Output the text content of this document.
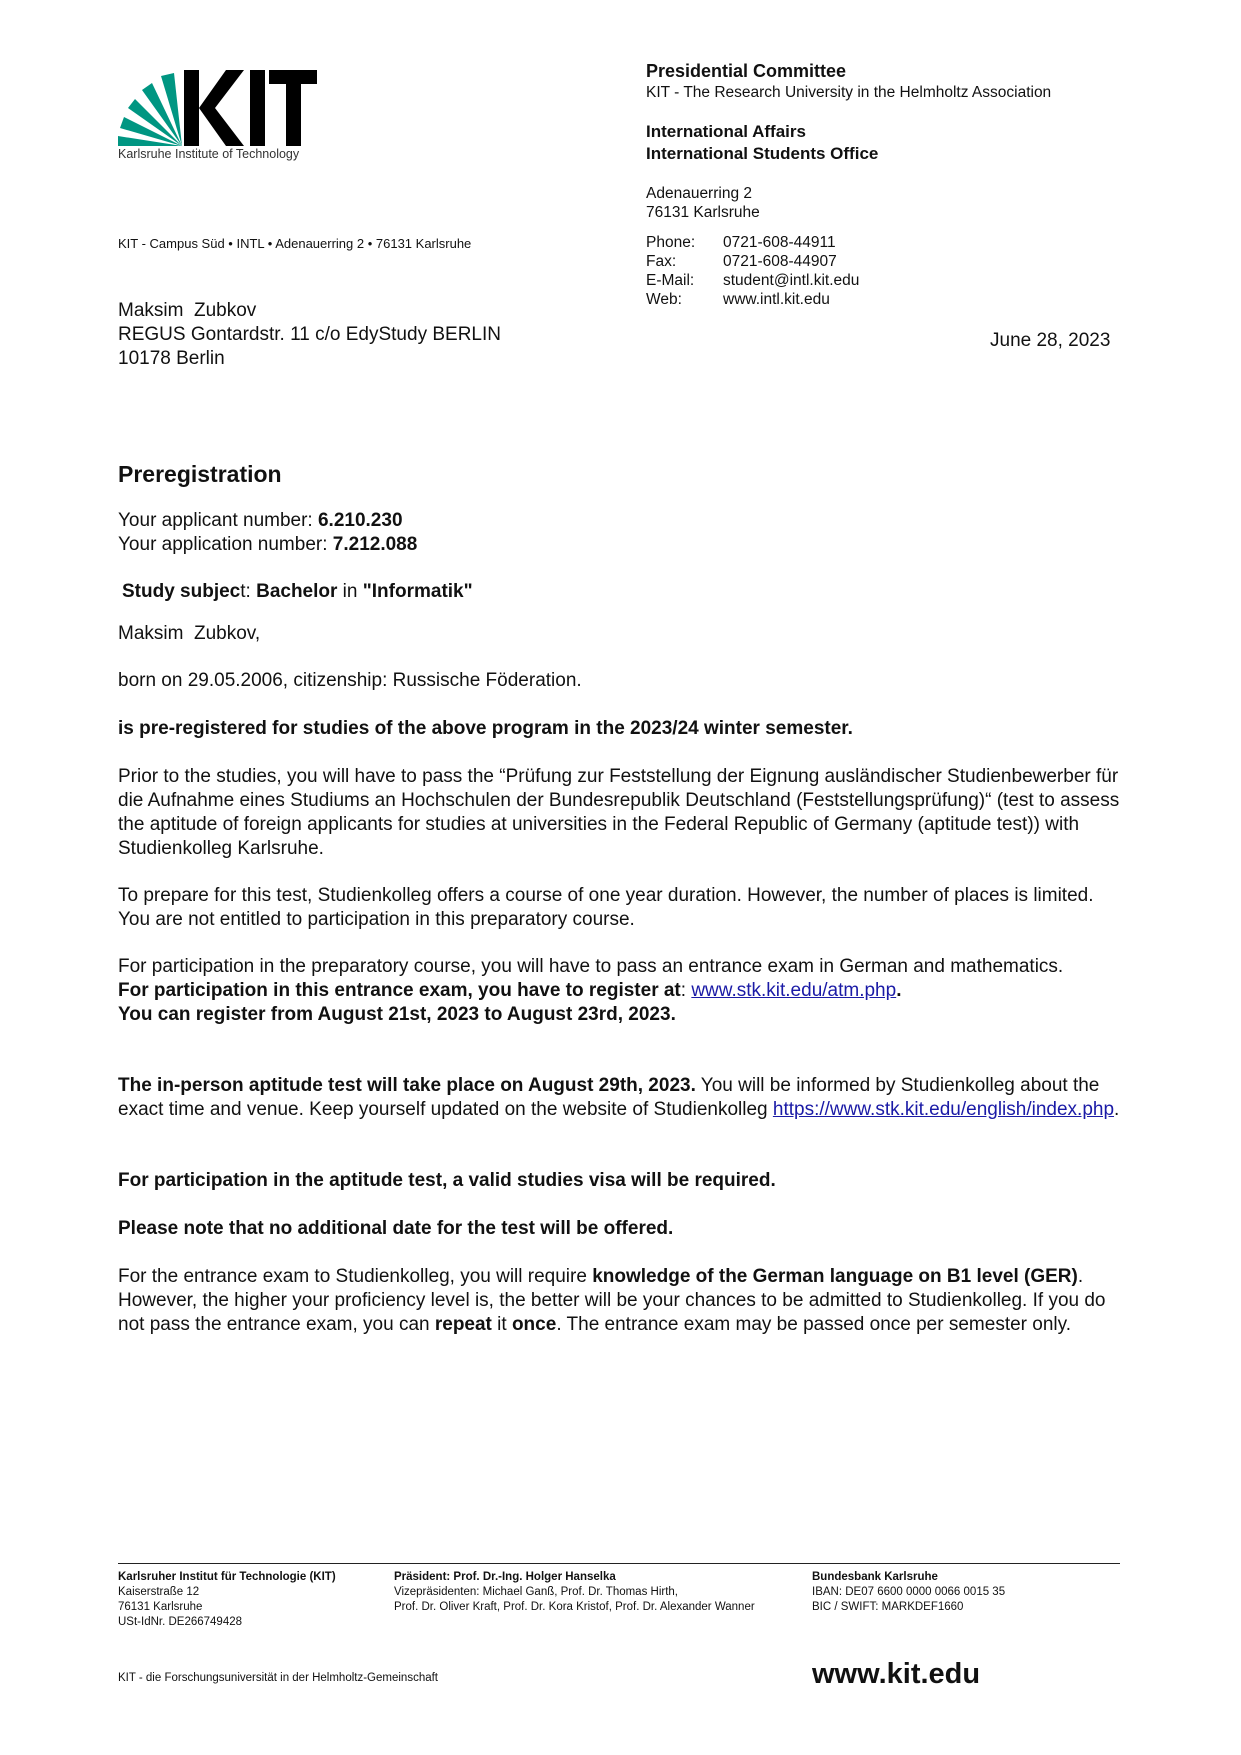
Karlsruhe Institute of Technology
KIT - Campus Süd • INTL • Adenauerring 2 • 76131 Karlsruhe
Presidential Committee
KIT - The Research University in the Helmholtz Association
International Affairs
International Students Office
Adenauerring 2
76131 Karlsruhe
Phone:	0721-608-44911
Fax:	0721-608-44907
E-Mail:	student@intl.kit.edu
Web:	www.intl.kit.edu
Maksim  Zubkov
REGUS Gontardstr. 11 c/o EdyStudy BERLIN
10178 Berlin
June 28, 2023
Preregistration

Your applicant number: 6.210.230

Your application number: 7.212.088

Study subject: Bachelor in "Informatik"

Maksim  Zubkov,
born on 29.05.2006, citizenship: Russische Föderation.
is pre-registered for studies of the above program in the 2023/24 winter semester.
Prior to the studies, you will have to pass the “Prüfung zur Feststellung der Eignung ausländischer Studienbewerber für die Aufnahme eines Studiums an Hochschulen der Bundesrepublik Deutschland (Feststellungsprüfung)“ (test to assess the aptitude of foreign applicants for studies at universities in the Federal Republic of Germany (aptitude test)) with Studienkolleg Karlsruhe.
To prepare for this test, Studienkolleg offers a course of one year duration. However, the number of places is limited. You are not entitled to participation in this preparatory course.

For participation in the preparatory course, you will have to pass an entrance exam in German and mathematics.

For participation in this entrance exam, you have to register at: www.stk.kit.edu/atm.php.

You can register from August 21st, 2023 to August 23rd, 2023.

The in-person aptitude test will take place on August 29th, 2023. You will be informed by Studienkolleg about the exact time and venue. Keep yourself updated on the website of Studienkolleg https://www.stk.kit.edu/english/index.php.

For participation in the aptitude test, a valid studies visa will be required.
Please note that no additional date for the test will be offered.

For the entrance exam to Studienkolleg, you will require knowledge of the German language on B1 level (GER). However, the higher your proficiency level is, the better will be your chances to be admitted to Studienkolleg. If you do not pass the entrance exam, you can repeat it once. The entrance exam may be passed once per semester only.

Karlsruher Institut für Technologie (KIT)
Kaiserstraße 12
76131 Karlsruhe
USt-IdNr. DE266749428
Präsident: Prof. Dr.-Ing. Holger Hanselka
Vizepräsidenten: Michael Ganß, Prof. Dr. Thomas Hirth,
Prof. Dr. Oliver Kraft, Prof. Dr. Kora Kristof, Prof. Dr. Alexander Wanner
Bundesbank Karlsruhe
IBAN: DE07 6600 0000 0066 0015 35
BIC / SWIFT: MARKDEF1660
KIT - die Forschungsuniversität in der Helmholtz-Gemeinschaft	www.kit.edu
